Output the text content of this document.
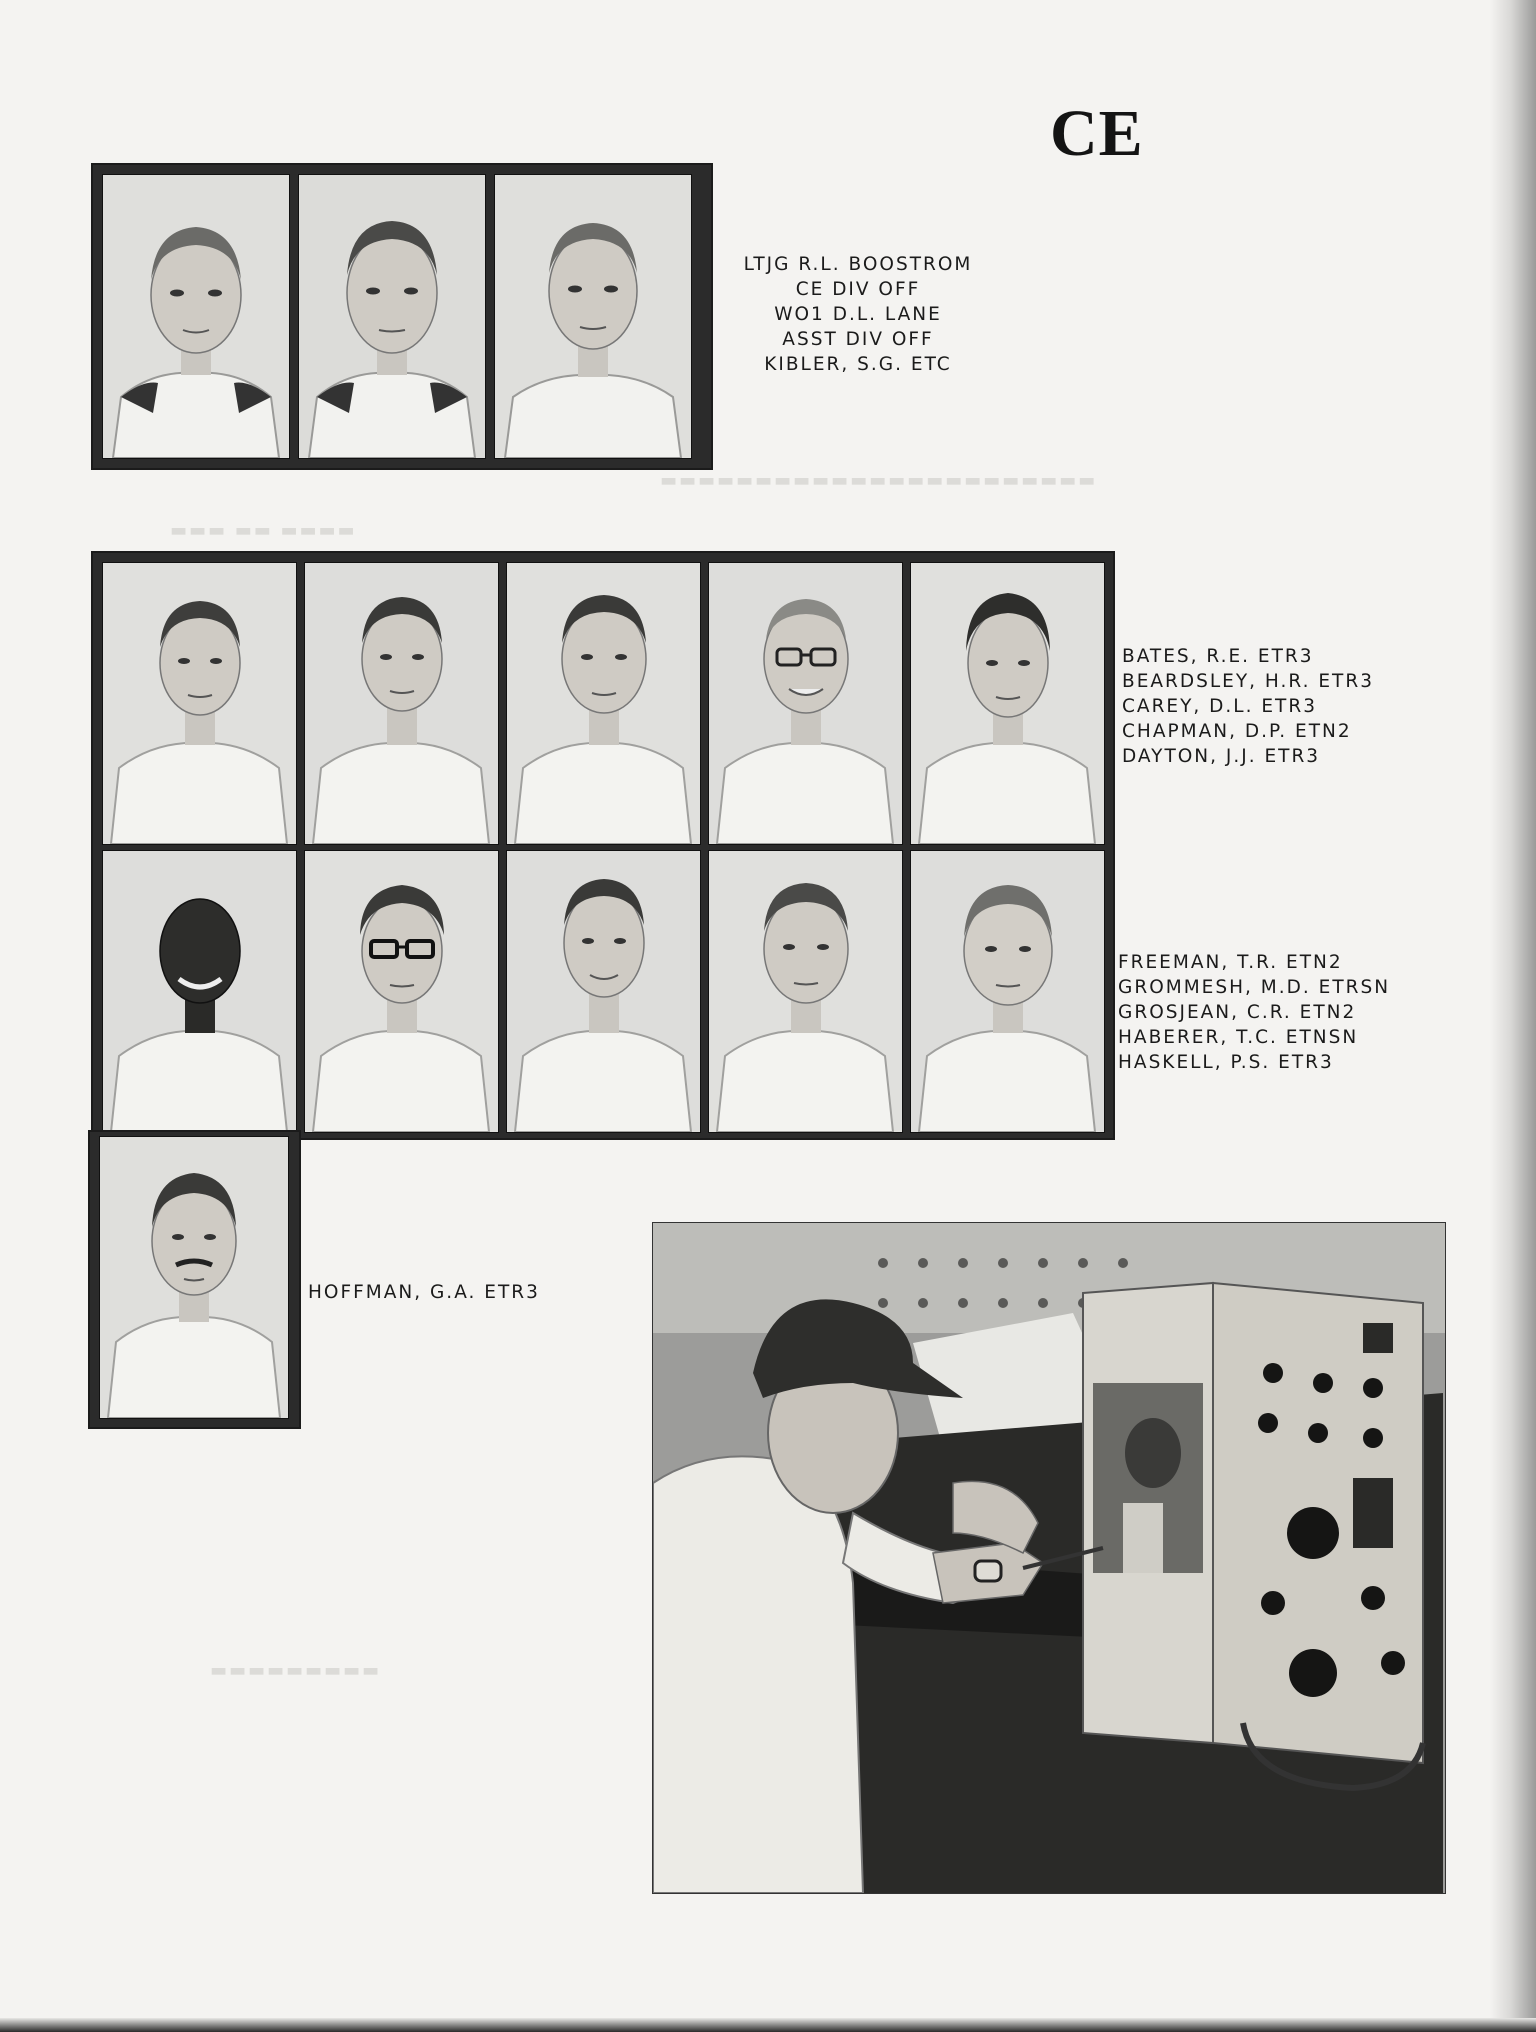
▬▬▬ ▬▬ ▬▬▬▬
▬▬▬▬▬▬▬▬▬▬▬▬▬▬▬▬▬▬▬▬▬▬▬
▬▬▬▬▬▬▬▬▬
CE
LTJG R.L. BOOSTROM
CE DIV OFF
WO1 D.L. LANE
ASST DIV OFF
KIBLER, S.G. ETC
BATES, R.E. ETR3
BEARDSLEY, H.R. ETR3
CAREY, D.L. ETR3
CHAPMAN, D.P. ETN2
DAYTON, J.J. ETR3
FREEMAN, T.R. ETN2
GROMMESH, M.D. ETRSN
GROSJEAN, C.R. ETN2
HABERER, T.C. ETNSN
HASKELL, P.S. ETR3
HOFFMAN, G.A. ETR3
